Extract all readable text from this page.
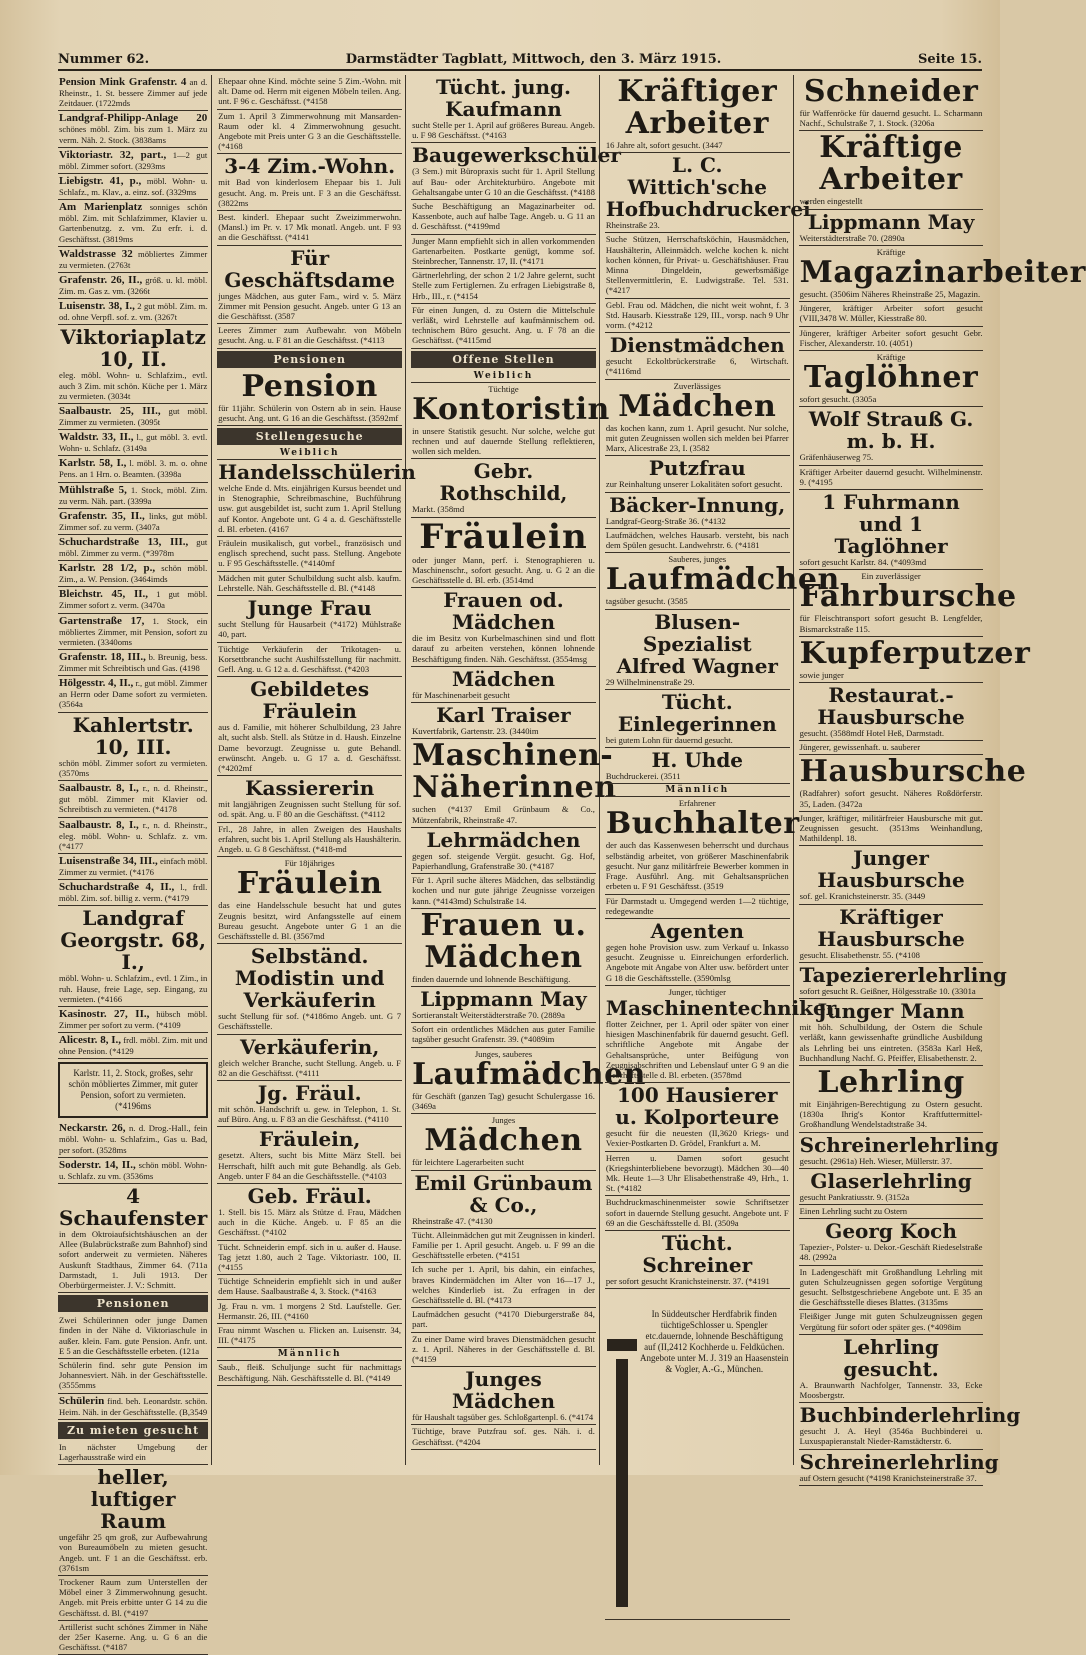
Nummer 62.	Darmstädter Tagblatt, Mittwoch, den 3. März 1915.	Seite 15.
Pension Mink Grafenstr. 4 an d. Rheinstr., 1. St. bessere Zimmer auf jede Zeitdauer. (1722mds
Landgraf-Philipp-Anlage 20 schönes möbl. Zim. bis zum 1. März zu verm. Näh. 2. Stock. (3838ams
Viktoriastr. 32, part., 1—2 gut möbl. Zimmer sofort. (3293ms
Liebigstr. 41, p., möbl. Wohn- u. Schlafz., m. Klav., a. einz. sof. (3329ms
Am Marienplatz sonniges schön möbl. Zim. mit Schlafzimmer, Klavier u. Gartenbenutzg. z. vm. Zu erfr. i. d. Geschäftsst. (3819ms
Waldstrasse 32 möbliertes Zimmer zu vermieten. (2763t
Grafenstr. 26, II., gróß. u. kl. möbl. Zim. m. Gas z. vm. (3266t
Luisenstr. 38, I., 2 gut möbl. Zim. m. od. ohne Verpfl. sof. z. vm. (3267t
Viktoriaplatz 10, II.
eleg. möbl. Wohn- u. Schlafzim., evtl. auch 3 Zim. mit schön. Küche per 1. März zu vermieten. (3034t
Saalbaustr. 25, III., gut möbl. Zimmer zu vermieten. (3095t
Waldstr. 33, II., l., gut möbl. 3. evtl. Wohn- u. Schlafz. (3149a
Karlstr. 58, I., l. möbl. 3. m. o. ohne Pens. an 1 Hrn. o. Beamten. (3398a
Mühlstraße 5, 1. Stock, möbl. Zim. zu verm. Näh. part. (3399a
Grafenstr. 35, II., links, gut möbl. Zimmer sof. zu verm. (3407a
Schuchardstraße 13, III., gut möbl. Zimmer zu verm. (*3978m
Karlstr. 28 1/2, p., schön möbl. Zim., a. W. Pension. (3464imds
Bleichstr. 45, II., 1 gut möbl. Zimmer sofort z. verm. (3470a
Gartenstraße 17, 1. Stock, ein möbliertes Zimmer, mit Pension, sofort zu vermieten. (3340oms
Grafenstr. 18, III., b. Breunig, bess. Zimmer mit Schreibtisch und Gas. (4198
Hölgesstr. 4, II., r., gut möbl. Zimmer an Herrn oder Dame sofort zu vermieten. (3564a
Kahlertstr. 10, III.
schön möbl. Zimmer sofort zu vermieten. (3570ms
Saalbaustr. 8, I., r., n. d. Rheinstr., gut möbl. Zimmer mit Klavier od. Schreibtisch zu vermieten. (*4178
Saalbaustr. 8, I., r., n. d. Rheinstr., eleg. möbl. Wohn- u. Schlafz. z. vm. (*4177
Luisenstraße 34, III., einfach möbl. Zimmer zu vermiet. (*4176
Schuchardstraße 4, II., l., frdl. möbl. Zim. sof. billig z. verm. (*4179
Landgraf Georgstr. 68, I.,
möbl. Wohn- u. Schlafzim., evtl. 1 Zim., in ruh. Hause, freie Lage, sep. Eingang, zu vermieten. (*4166
Kasinostr. 27, II., hübsch möbl. Zimmer per sofort zu verm. (*4109
Alicestr. 8, I., frdl. möbl. Zim. mit und ohne Pension. (*4129
Karlstr. 11, 2. Stock, großes, sehr schön möbliertes Zimmer, mit guter Pension, sofort zu vermieten. (*4196ms
Neckarstr. 26, n. d. Drog.-Hall., fein möbl. Wohn- u. Schlafzim., Gas u. Bad, per sofort. (3528ms
Soderstr. 14, II., schön möbl. Wohn- u. Schlafz. zu vm. (3536ms
4 Schaufenster
in dem Oktroiaufsichtshäuschen an der Allee (Bulabrückstraße zum Bahnhof) sind sofort anderweit zu vermieten. Näheres Auskunft Stadthaus, Zimmer 64. (711a Darmstadt, 1. Juli 1913. Der Oberbürgermeister. J. V.: Schmitt.
Pensionen
Zwei Schülerinnen oder junge Damen finden in der Nähe d. Viktoriaschule in außer. klein. Fam. gute Pension. Anfr. unt. E 5 an die Geschäftsstelle erbeten. (121a
Schülerin find. sehr gute Pension im Johannesviert. Näh. in der Geschäftsstelle. (3555mms
Schülerin find. beh. Leonardstr. schön. Heim. Näh. in der Geschäftsstelle. (B,3549
Zu mieten gesucht
In nächster Umgebung der Lagerhausstraße wird ein
heller, luftiger Raum
ungefähr 25 qm groß, zur Aufbewahrung von Bureaumöbeln zu mieten gesucht. Angeb. unt. F 1 an die Geschäftsst. erb. (3761sm
Trockener Raum zum Unterstellen der Möbel einer 3 Zimmerwohnung gesucht. Angeb. mit Preis erbitte unter G 14 zu die Geschäftsst. d. Bl. (*4197
Artillerist sucht schönes Zimmer in Nähe der 25er Kaserne. Ang. u. G 6 an die Geschäftsst. (*4187
Ehepaar ohne Kind. möchte seine 5 Zim.-Wohn. mit alt. Dame od. Herrn mit eigenen Möbeln teilen. Ang. unt. F 96 c. Geschäftsst. (*4158
Zum 1. April 3 Zimmerwohnung mit Mansarden-Raum oder kl. 4 Zimmerwohnung gesucht. Angebote mit Preis unter G 3 an die Geschäftsstelle. (*4168
3-4 Zim.-Wohn.
mit Bad von kinderlosem Ehepaar bis 1. Juli gesucht. Ang. m. Preis unt. F 3 an die Geschäftsst. (3822ms
Best. kinderl. Ehepaar sucht Zweizimmerwohn. (Mansl.) im Pr. v. 17 Mk monatl. Angeb. unt. F 93 an die Geschäftsst. (*4141
Für Geschäftsdame
junges Mädchen, aus guter Fam., wird v. 5. März Zimmer mit Pension gesucht. Angeb. unter G 13 an die Geschäftsst. (3587
Leeres Zimmer zum Aufbewahr. von Möbeln gesucht. Ang. u. F 81 an die Geschäftsst. (*4113
Pensionen
Pension
für 11jähr. Schülerin von Ostern ab in sein. Hause gesucht. Ang. unt. G 16 an die Geschäftsst. (3592mf
Stellengesuche
Weiblich
Handelsschülerin
welche Ende d. Mts. einjährigen Kursus beendet und in Stenographie, Schreibmaschine, Buchführung usw. gut ausgebildet ist, sucht zum 1. April Stellung auf Kontor. Angebote unt. G 4 a. d. Geschäftsstelle d. Bl. erbeten. (4167
Fräulein musikalisch, gut vorbel., französisch und englisch sprechend, sucht pass. Stellung. Angebote u. F 95 Geschäftsstelle. (*4140mf
Mädchen mit guter Schulbildung sucht alsb. kaufm. Lehrstelle. Näh. Geschäftsstelle d. Bl. (*4148
Junge Frau
sucht Stellung für Hausarbeit (*4172) Mühlstraße 40, part.
Tüchtige Verkäuferin der Trikotagen- u. Korsettbranche sucht Aushilfsstellung für nachmitt. Gefl. Ang. u. G 12 a. d. Geschäftsst. (*4203
Gebildetes Fräulein
aus d. Familie, mit höherer Schulbildung, 23 Jahre alt, sucht alsb. Stell. als Stütze in d. Haush. Einzelne Dame bevorzugt. Zeugnisse u. gute Behandl. erwünscht. Angeb. u. G 17 a. d. Geschäftsst. (*4202mf
Kassiererin
mit langjährigen Zeugnissen sucht Stellung für sof. od. spät. Ang. u. F 80 an die Geschäftsst. (*4112
Frl., 28 Jahre, in allen Zweigen des Haushalts erfahren, sucht bis 1. April Stellung als Haushälterin. Angeb. u. G 8 Geschäftsst. (*418-md
Für 18jähriges
Fräulein
das eine Handelsschule besucht hat und gutes Zeugnis besitzt, wird Anfangsstelle auf einem Bureau gesucht. Angebote unter G 1 an die Geschäftsstelle d. Bl. (3567md
Selbständ. Modistin und Verkäuferin
sucht Stellung für sof. (*4186mo Angeb. unt. G 7 Geschäftsstelle.
Verkäuferin,
gleich welcher Branche, sucht Stellung. Angeb. u. F 82 an die Geschäftsst. (*4111
Jg. Fräul.
mit schön. Handschrift u. gew. in Telephon, 1. St. auf Büro. Ang. u. F 83 an die Geschäftsst. (*4110
Fräulein,
gesetzt. Alters, sucht bis Mitte März Stell. bei Herrschaft, hilft auch mit gute Behandlg. als Geb. Angeb. unter F 84 an die Geschäftsstelle. (*4103
Geb. Fräul.
1. Stell. bis 15. März als Stütze d. Frau, Mädchen auch in die Küche. Angeb. u. F 85 an die Geschäftsst. (*4102
Tücht. Schneiderin empf. sich in u. außer d. Hause. Tag jetzt 1.80, auch 2 Tage. Viktoriastr. 100, II. (*4155
Tüchtige Schneiderin empfiehlt sich in und außer dem Hause. Saalbaustraße 4, 3. Stock. (*4163
Jg. Frau n. vm. 1 morgens 2 Std. Laufstelle. Ger. Hermanstr. 26, III. (*4160
Frau nimmt Waschen u. Flicken an. Luisenstr. 34, III. (*4175
Männlich
Saub., fleiß. Schuljunge sucht für nachmittags Beschäftigung. Näh. Geschäftsstelle d. Bl. (*4149
Tücht. jung. Kaufmann
sucht Stelle per 1. April auf größeres Bureau. Angeb. u. F 98 Geschäftsst. (*4163
Baugewerkschüler
(3 Sem.) mit Büropraxis sucht für 1. April Stellung auf Bau- oder Architekturbüro. Angebote mit Gehaltsangabe unter G 10 an die Geschäftsst. (*4188
Suche Beschäftigung an Magazinarbeiter od. Kassenbote, auch auf halbe Tage. Angeb. u. G 11 an d. Geschäftsst. (*4199md
Junger Mann empfiehlt sich in allen vorkommenden Gartenarbeiten. Postkarte genügt, komme sof. Steinbrecher, Tannenstr. 17, II. (*4171
Gärtnerlehrling, der schon 2 1/2 Jahre gelernt, sucht Stelle zum Fertiglernen. Zu erfragen Liebigstraße 8, Hrb., III., r. (*4154
Für einen Jungen, d. zu Ostern die Mittelschule verläßt, wird Lehrstelle auf kaufmännischem od. technischem Büro gesucht. Ang. u. F 78 an die Geschäftsst. (*4115md
Offene Stellen
Weiblich
Tüchtige
Kontoristin
in unsere Statistik gesucht. Nur solche, welche gut rechnen und auf dauernde Stellung reflektieren, wollen sich melden.
Gebr. Rothschild,
Markt. (358md
Fräulein
oder junger Mann, perf. i. Stenographieren u. Maschinenschr., sofort gesucht. Ang. u. G 2 an die Geschäftsstelle d. Bl. erb. (3514md
Frauen od. Mädchen
die im Besitz von Kurbelmaschinen sind und flott darauf zu arbeiten verstehen, können lohnende Beschäftigung finden. Näh. Geschäftsst. (3554msg
Mädchen
für Maschinenarbeit gesucht
Karl Traiser
Kuvertfabrik, Gartenstr. 23. (3440im
Maschinen-Näherinnen
suchen (*4137 Emil Grünbaum & Co., Mützenfabrik, Rheinstraße 47.
Lehrmädchen
gegen sof. steigende Vergüt. gesucht. Gg. Hof, Papierhandlung, Grafenstraße 30. (*4187
Für 1. April suche älteres Mädchen, das selbständig kochen und nur gute jährige Zeugnisse vorzeigen kann. (*4143md) Schulstraße 14.
Frauen u. Mädchen
finden dauernde und lohnende Beschäftigung.
Lippmann May
Sortieranstalt Weiterstädterstraße 70. (2889a
Sofort ein ordentliches Mädchen aus guter Familie tagsüber gesucht Grafenstr. 39. (*4089im
Junges, sauberes
Laufmädchen
für Geschäft (ganzen Tag) gesucht Schulergasse 16. (3469a
Junges
Mädchen
für leichtere Lagerarbeiten sucht
Emil Grünbaum & Co.,
Rheinstraße 47. (*4130
Tücht. Alleinmädchen gut mit Zeugnissen in kinderl. Familie per 1. April gesucht. Angeb. u. F 99 an die Geschäftsstelle erbeten. (*4151
Ich suche per 1. April, bis dahin, ein einfaches, braves Kindermädchen im Alter von 16—17 J., welches Kinderlieb ist. Zu erfragen in der Geschäftsstelle d. Bl. (*4173
Laufmädchen gesucht (*4170 Dieburgerstraße 84, part.
Zu einer Dame wird braves Dienstmädchen gesucht z. 1. April. Näheres in der Geschäftsstelle d. Bl. (*4159
Junges Mädchen
für Haushalt tagsüber ges. Schloßgartenpl. 6. (*4174
Tüchtige, brave Putzfrau sof. ges. Näh. i. d. Geschäftsst. (*4204
Kräftiger Arbeiter
16 Jahre alt, sofort gesucht. (3447
L. C. Wittich'sche Hofbuchdruckerei
Rheinstraße 23.
Suche Stützen, Herrschaftsköchin, Hausmädchen, Haushälterin, Alleinmädch. welche kochen k. nicht kochen können, für Privat- u. Geschäftshäuser. Frau Minna Dingeldein, gewerbsmäßige Stellenvermittlerin, E. Ludwigstraße. Tel. 531. (*4217
Gebl. Frau od. Mädchen, die nicht weit wohnt, f. 3 Std. Hausarb. Kiesstraße 129, III., vorsp. nach 9 Uhr vorm. (*4212
Dienstmädchen
gesucht Eckoltbrückerstraße 6, Wirtschaft. (*4116md
Zuverlässiges
Mädchen
das kochen kann, zum 1. April gesucht. Nur solche, mit guten Zeugnissen wollen sich melden bei Pfarrer Marx, Alicestraße 23, I. (3582
Putzfrau
zur Reinhaltung unserer Lokalitäten sofort gesucht.
Bäcker-Innung,
Landgraf-Georg-Straße 36. (*4132
Laufmädchen, welches Hausarb. versteht, bis nach dem Spülen gesucht. Landwehrstr. 6. (*4181
Sauberes, junges
Laufmädchen
tagsüber gesucht. (3585
Blusen-Spezialist Alfred Wagner
29 Wilhelminenstraße 29.
Tücht. Einlegerinnen
bei gutem Lohn für dauernd gesucht.
H. Uhde
Buchdruckerei. (3511
Männlich
Erfahrener
Buchhalter
der auch das Kassenwesen beherrscht und durchaus selbständig arbeitet, von größerer Maschinenfabrik gesucht. Nur ganz militärfreie Bewerber kommen in Frage. Ausführl. Ang. mit Gehaltsansprüchen erbeten u. F 91 Geschäftsst. (3519
Für Darmstadt u. Umgegend werden 1—2 tüchtige, redegewandte
Agenten
gegen hohe Provision usw. zum Verkauf u. Inkasso gesucht. Zeugnisse u. Einreichungen erforderlich. Angebote mit Angabe von Alter usw. befördert unter G 18 die Geschäftsstelle. (3590mlsg
Junger, tüchtiger
Maschinentechniker
flotter Zeichner, per 1. April oder später von einer hiesigen Maschinenfabrik für dauernd gesucht. Gefl. schriftliche Angebote mit Angabe der Gehaltsansprüche, unter Beifügung von Zeugnisabschriften und Lebenslauf unter G 9 an die Geschäftsstelle d. Bl. erbeten. (3578md
100 Hausierer u. Kolporteure
gesucht für die neuesten (II,3620 Kriegs- und Vexier-Postkarten D. Grödel, Frankfurt a. M.
Herren u. Damen sofort gesucht (Kriegshinterbliebene bevorzugt). Mädchen 30—40 Mk. Heute 1—3 Uhr Elisabethenstraße 49, Hrh., 1. St. (*4182
Buchdruckmaschinenmeister sowie Schriftsetzer sofort in dauernde Stellung gesucht. Angebote unt. F 69 an die Geschäftsstelle d. Bl. (3509a
Tücht. Schreiner
per sofort gesucht Kranichsteinerstr. 37. (*4191
In Süddeutscher Herdfabrik finden tüchtigeSchlosser u. Spengler etc.dauernde, lohnende Beschäftigung auf (II,2412 Kochherde u. Feldküchen. Angebote unter M. J. 319 an Haasenstein & Vogler, A.-G., München.
Schneider
für Waffenröcke für dauernd gesucht. L. Scharmann Nachf., Schulstraße 7, 1. Stock. (3206a
Kräftige Arbeiter
werden eingestellt
Lippmann May
Weiterstädterstraße 70. (2890a
Kräftige
Magazinarbeiter
gesucht. (3506im Näheres Rheinstraße 25, Magazin.
Jüngerer, kräftiger Arbeiter sofort gesucht (VIII,3478 W. Müller, Kiesstraße 80.
Jüngerer, kräftiger Arbeiter sofort gesucht Gebr. Fischer, Alexanderstr. 10. (4051)
Kräftige
Taglöhner
sofort gesucht. (3305a
Wolf Strauß G. m. b. H.
Gräfenhäuserweg 75.
Kräftiger Arbeiter dauernd gesucht. Wilhelminenstr. 9. (*4195
1 Fuhrmann und 1 Taglöhner
sofort gesucht Karlstr. 84. (*4093md
Ein zuverlässiger
Fahrbursche
für Fleischtransport sofort gesucht B. Lengfelder, Bismarckstraße 115.
Kupferputzer
sowie junger
Restaurat.-Hausbursche
gesucht. (3588mdf Hotel Heß, Darmstadt.
Jüngerer, gewissenhaft. u. sauberer
Hausbursche
(Radfahrer) sofort gesucht. Näheres Roßdörferstr. 35, Laden. (3472a
Junger, kräftiger, militärfreier Hausbursche mit gut. Zeugnissen gesucht. (3513ms Weinhandlung, Mathildenpl. 18.
Junger Hausbursche
sof. gel. Kranichsteinerstr. 35. (3449
Kräftiger Hausbursche
gesucht. Elisabethenstr. 55. (*4108
Tapeziererlehrling
sofort gesucht R. Geißner, Hölgesstraße 10. (3301a
Junger Mann
mit höh. Schulbildung, der Ostern die Schule verläßt, kann gewissenhafte gründliche Ausbildung als Lehrling bei uns eintreten. (3583a Karl Heß, Buchhandlung Nachf. G. Pfeiffer, Elisabethenstr. 2.
Lehrling
mit Einjährigen-Berechtigung zu Ostern gesucht. (1830a Ihrig's Kontor Kraftfuttermittel-Großhandlung Wendelstadtstraße 34.
Schreinerlehrling
gesucht. (2961a) Heh. Wieser, Müllerstr. 37.
Glaserlehrling
gesucht Pankratiusstr. 9. (3152a
Einen Lehrling sucht zu Ostern
Georg Koch
Tapezier-, Polster- u. Dekor.-Geschäft Riedeselstraße 48. (2992a
In Ladengeschäft mit Großhandlung Lehrling mit guten Schulzeugnissen gegen sofortige Vergütung gesucht. Selbstgeschriebene Angebote unt. E 35 an die Geschäftsstelle dieses Blattes. (3135ms
Fleißiger Junge mit guten Schulzeugnissen gegen Vergütung für sofort oder später ges. (*4098im
Lehrling gesucht.
A. Braunwarth Nachfolger, Tannenstr. 33, Ecke Moosbergstr.
Buchbinderlehrling
gesucht J. A. Heyl (3546a Buchbinderei u. Luxuspapieranstalt Nieder-Ramstädterstr. 6.
Schreinerlehrling
auf Ostern gesucht (*4198 Kranichsteinerstraße 37.
